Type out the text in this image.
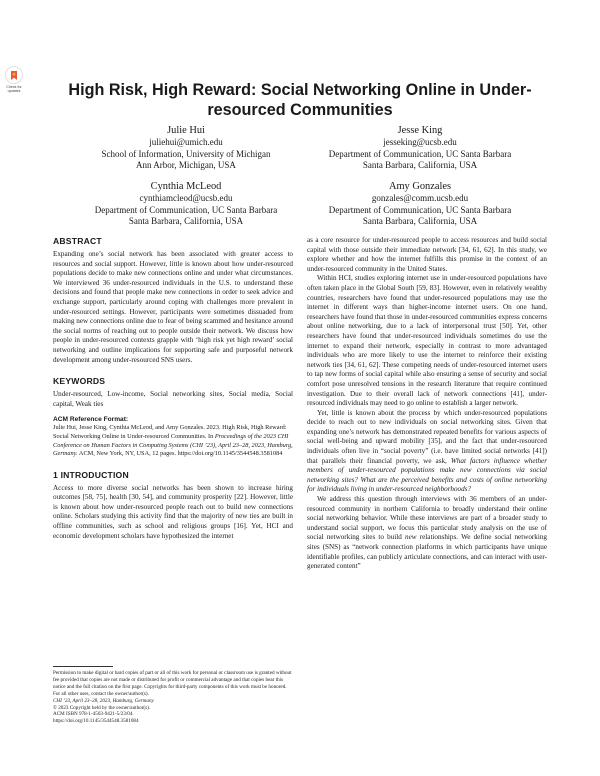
Check for updates	High Risk, High Reward: Social Networking Online in Under-resourced Communities
Julie Hui
juliehui@umich.edu
School of Information, University of Michigan
Ann Arbor, Michigan, USA
Jesse King
jesseking@ucsb.edu
Department of Communication, UC Santa Barbara
Santa Barbara, California, USA
Cynthia McLeod
cynthiamcleod@ucsb.edu
Department of Communication, UC Santa Barbara
Santa Barbara, California, USA
Amy Gonzales
gonzales@comm.ucsb.edu
Department of Communication, UC Santa Barbara
Santa Barbara, California, USA
ABSTRACT

Expanding one’s social network has been associated with greater access to resources and social support. However, little is known about how under-resourced populations decide to make new connections online and under what circumstances. We interviewed 36 under-resourced individuals in the U.S. to understand these decisions and found that people make new connections in order to seek advice and exchange support, particularly around coping with challenges more prevalent in under-resourced settings. However, participants were sometimes dissuaded from making new connections online due to fear of being scammed and hesitance around the social norms of reaching out to people outside their network. We discuss how people in under-resourced contexts grapple with ‘high risk yet high reward’ social networking and outline implications for supporting safe and purposeful network development among under-resourced SNS users.

KEYWORDS

Under-resourced, Low-income, Social networking sites, Social media, Social capital, Weak ties

ACM Reference Format:

Julie Hui, Jesse King, Cynthia McLeod, and Amy Gonzales. 2023. High Risk, High Reward: Social Networking Online in Under-resourced Communities. In Proceedings of the 2023 CHI Conference on Human Factors in Computing Systems (CHI ’23), April 23–28, 2023, Hamburg, Germany. ACM, New York, NY, USA, 12 pages. https://doi.org/10.1145/3544548.3581084

1 INTRODUCTION

Access to more diverse social networks has been shown to increase hiring outcomes [58, 75], health [30, 54], and community prosperity [22]. However, little is known about how under-resourced people reach out to build new connections online. Scholars studying this activity find that the majority of new ties are built in offline communities, such as school and religious groups [16]. Yet, HCI and economic development scholars have hypothesized the internet

Permission to make digital or hard copies of part or all of this work for personal or classroom use is granted without fee provided that copies are not made or distributed for profit or commercial advantage and that copies bear this notice and the full citation on the first page. Copyrights for third-party components of this work must be honored. For all other uses, contact the owner/author(s).

CHI ’23, April 23–28, 2023, Hamburg, Germany

© 2023 Copyright held by the owner/author(s).

ACM ISBN 978-1-4503-9421-5/23/04.

https://doi.org/10.1145/3544548.3581084

as a core resource for under-resourced people to access resources and build social capital with those outside their immediate network [34, 61, 62]. In this study, we explore whether and how the internet fulfills this promise in the context of an under-resourced community in the United States.

Within HCI, studies exploring internet use in under-resourced populations have often taken place in the Global South [59, 83]. However, even in relatively wealthy countries, researchers have found that under-resourced populations may use the internet in different ways than higher-income internet users. On one hand, researchers have found that those in under-resourced communities express concerns about online networking, due to a lack of interpersonal trust [50]. Yet, other researchers have found that under-resourced individuals sometimes do use the internet to expand their network, especially in contrast to more advantaged individuals who are more likely to use the internet to reinforce their existing network ties [34, 61, 62]. These competing needs of under-resourced internet users to tap new forms of social capital while also ensuring a sense of security and social comfort pose unresolved tensions in the research literature that require continued investigation. Due to their overall lack of network connections [41], under-resourced individuals may need to go online to establish a larger network.

Yet, little is known about the process by which under-resourced populations decide to reach out to new individuals on social networking sites. Given that expanding one’s network has demonstrated repeated benefits for various aspects of social well-being and upward mobility [35], and the fact that under-resourced individuals often live in “social poverty” (i.e. have limited social networks [41]) that parallels their financial poverty, we ask, What factors influence whether members of under-resourced populations make new connections via social networking sites? What are the perceived benefits and costs of online networking for individuals living in under-resourced neighborhoods?

We address this question through interviews with 36 members of an under-resourced community in northern California to broadly understand their online social networking behavior. While these interviews are part of a broader study to understand social support, we focus this particular study analysis on the use of social networking sites to build new relationships. We define social networking sites (SNS) as “network connection platforms in which participants have unique identifiable profiles, can publicly articulate connections, and can interact with user-generated content”
